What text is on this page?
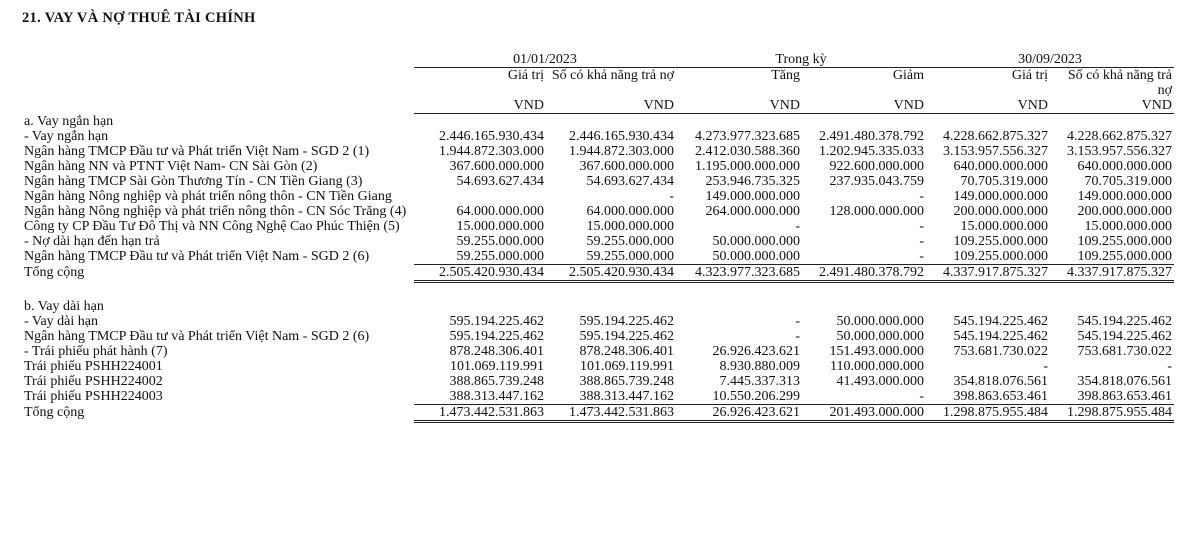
21. VAY VÀ NỢ THUÊ TÀI CHÍNH
	01/01/2023		Trong kỳ		30/09/2023	
	Giá trị	Số có khả năng trả nợ	Tăng	Giảm	Giá trị	Số có khả năng trả nợ
	VND	VND	VND	VND	VND	VND
a. Vay ngắn hạn						
- Vay ngắn hạn	2.446.165.930.434	2.446.165.930.434	4.273.977.323.685	2.491.480.378.792	4.228.662.875.327	4.228.662.875.327
Ngân hàng TMCP Đầu tư và Phát triển Việt Nam - SGD 2 (1)	1.944.872.303.000	1.944.872.303.000	2.412.030.588.360	1.202.945.335.033	3.153.957.556.327	3.153.957.556.327
Ngân hàng NN và PTNT Việt Nam- CN Sài Gòn (2)	367.600.000.000	367.600.000.000	1.195.000.000.000	922.600.000.000	640.000.000.000	640.000.000.000
Ngân hàng TMCP Sài Gòn Thương Tín - CN Tiền Giang (3)	54.693.627.434	54.693.627.434	253.946.735.325	237.935.043.759	70.705.319.000	70.705.319.000
Ngân hàng Nông nghiệp và phát triển nông thôn - CN Tiền Giang		-	149.000.000.000	-	149.000.000.000	149.000.000.000
Ngân hàng Nông nghiệp và phát triển nông thôn - CN Sóc Trăng (4)	64.000.000.000	64.000.000.000	264.000.000.000	128.000.000.000	200.000.000.000	200.000.000.000
Công ty CP Đầu Tư Đô Thị và NN Công Nghệ Cao Phúc Thiện (5)	15.000.000.000	15.000.000.000	-	-	15.000.000.000	15.000.000.000
- Nợ dài hạn đến hạn trả	59.255.000.000	59.255.000.000	50.000.000.000	-	109.255.000.000	109.255.000.000
Ngân hàng TMCP Đầu tư và Phát triển Việt Nam - SGD 2 (6)	59.255.000.000	59.255.000.000	50.000.000.000	-	109.255.000.000	109.255.000.000
Tổng cộng	2.505.420.930.434	2.505.420.930.434	4.323.977.323.685	2.491.480.378.792	4.337.917.875.327	4.337.917.875.327

b. Vay dài hạn						
- Vay dài hạn	595.194.225.462	595.194.225.462	-	50.000.000.000	545.194.225.462	545.194.225.462
Ngân hàng TMCP Đầu tư và Phát triển Việt Nam - SGD 2 (6)	595.194.225.462	595.194.225.462	-	50.000.000.000	545.194.225.462	545.194.225.462
- Trái phiếu phát hành (7)	878.248.306.401	878.248.306.401	26.926.423.621	151.493.000.000	753.681.730.022	753.681.730.022
Trái phiếu PSHH224001	101.069.119.991	101.069.119.991	8.930.880.009	110.000.000.000	-	-
Trái phiếu PSHH224002	388.865.739.248	388.865.739.248	7.445.337.313	41.493.000.000	354.818.076.561	354.818.076.561
Trái phiếu PSHH224003	388.313.447.162	388.313.447.162	10.550.206.299	-	398.863.653.461	398.863.653.461
Tổng cộng	1.473.442.531.863	1.473.442.531.863	26.926.423.621	201.493.000.000	1.298.875.955.484	1.298.875.955.484
